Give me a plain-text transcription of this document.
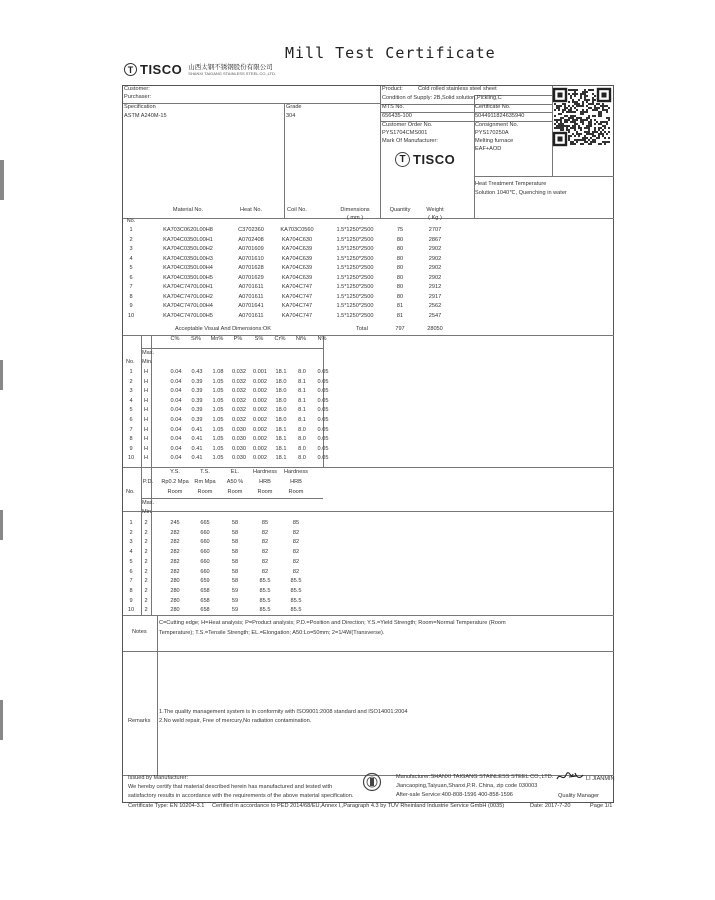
Mill Test Certificate
T TISCO 山西太钢不锈钢股份有限公司
SHANXI TAIGANG STAINLESS STEEL CO.,LTD.
Customer:
Purchaser:
Specification
ASTM A240M-15
Grade
304
Product:	Cold rolled stainless steel sheet
Condition of Supply: 2B,Solid solution,Pickling,C
MTS No.
656435-100
Certificate No.
5044911824635940
Customer Order No.
PYS1704CMS001
Mark Of Manufacturer:
T TISCO
Consignment No.
PYS170250A
Melting furnace
EAF+AOD
Heat Treatment Temperature
Solution 1040℃, Quenching in water
No.
Material No.	Heat No.	Coil No.	Dimensions	Quantity	Weight
( mm )	( Kg )
1	KA703C0620L00H8	C3702360	KA703C0560	1.5*1250*2500	75	2707
2	KA704C0350L00H1	A0702408	KA704C630	1.5*1250*2500	80	2867
3	KA704C0350L00H2	A0701609	KA704C639	1.5*1250*2500	80	2902
4	KA704C0350L00H3	A0701610	KA704C639	1.5*1250*2500	80	2902
5	KA704C0350L00H4	A0701628	KA704C639	1.5*1250*2500	80	2902
6	KA704C0350L00H5	A0701629	KA704C639	1.5*1250*2500	80	2902
7	KA704C7470L00H1	A0701611	KA704C747	1.5*1250*2500	80	2912
8	KA704C7470L00H2	A0701611	KA704C747	1.5*1250*2500	80	2917
9	KA704C7470L00H4	A0701641	KA704C747	1.5*1250*2500	81	2562
10	KA704C7470L00H5	A0701611	KA704C747	1.5*1250*2500	81	2547
Acceptable Visual And Dimensions:OK	Total	797	28050
C%	Si%	Mn%	P%	S%	Cr%	Ni%	N%
Max.
Min.
No.
1	H	0.04	0.43	1.08	0.032	0.001	18.1	8.0	0.05
2	H	0.04	0.39	1.05	0.032	0.002	18.0	8.1	0.05
3	H	0.04	0.39	1.05	0.032	0.002	18.0	8.1	0.05
4	H	0.04	0.39	1.05	0.032	0.002	18.0	8.1	0.05
5	H	0.04	0.39	1.05	0.032	0.002	18.0	8.1	0.05
6	H	0.04	0.39	1.05	0.032	0.002	18.0	8.1	0.05
7	H	0.04	0.41	1.05	0.030	0.002	18.1	8.0	0.05
8	H	0.04	0.41	1.05	0.030	0.002	18.1	8.0	0.05
9	H	0.04	0.41	1.05	0.030	0.002	18.1	8.0	0.05
10	H	0.04	0.41	1.05	0.030	0.002	18.1	8.0	0.05
Y.S.	T.S.	EL.	Hardness	Hardness
P.D.	Rp0.2 Mpa	Rm Mpa	A50 %	HRB	HRB
Room	Room	Room	Room	Room
No.
Max.
Min.
1	2	245	665	58	85	85
2	2	282	660	58	82	82
3	2	282	660	58	82	82
4	2	282	660	58	82	82
5	2	282	660	58	82	82
6	2	282	660	58	82	82
7	2	280	659	58	85.5	85.5
8	2	280	658	59	85.5	85.5
9	2	280	658	59	85.5	85.5
10	2	280	658	59	85.5	85.5
Notes
C=Cutting edge; H=Heat analysis; P=Product analysis; P.D.=Position and Direction; Y.S.=Yield Strength; Room=Normal Temperature (Room
Temperature); T.S.=Tensile Strength; EL.=Elongation; A50:Lo=50mm; 2=1/4W(Transverse).
Remarks
1.The quality management system is in conformity with ISO9001:2008 standard and ISO14001:2004
2.No weld repair, Free of mercury,No radiation contamination.
Issued by Manufacturer:
We hereby certify that material described herein has manufactured and tested with
satisfactory results in accordance with the requirements of the above material specification.
Manufacturer:SHANXI TAIGANG STAINLESS STEEL CO.,LTD.
Jiancaoping,Taiyuan,Shanxi,P.R. China, zip code 030003
After-sale Service:400-808-1596 400-858-1596
LI JIANMIN
Quality Manager
Certificate Type: EN 10204-3.1 Certified in accordance to PED 2014/68/EU,Annex I,,Paragraph 4.3 by TÜV Rheinland Industrie Service GmbH (0035)	Date: 2017-7-20	Page 1/1
